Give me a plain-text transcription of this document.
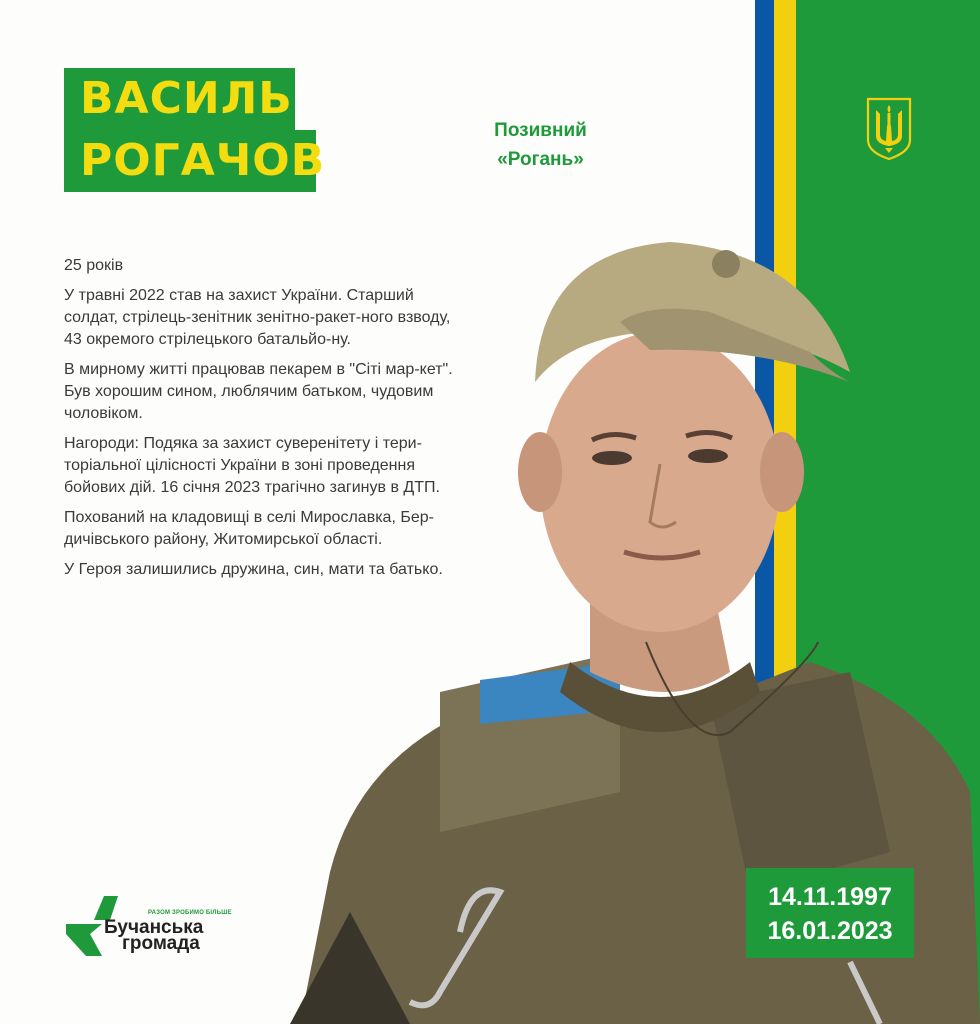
ВАСИЛЬ
РОГАЧОВ
Позивний
«Рогань»

25 років

У травні 2022 став на захист України. Старший солдат, стрілець-зенітник зенітно-ракет-ного взводу, 43 окремого стрілецького батальйо-ну.

В мирному житті працював пекарем в "Сіті мар-кет". Був хорошим сином, люблячим батьком, чудовим чоловіком.

Нагороди: Подяка за захист суверенітету і тери-торіальної цілісності України в зоні проведення бойових дій. 16 січня 2023 трагічно загинув в ДТП.

Похований на кладовищі в селі Мирославка, Бер-дичівського району, Житомирської області.

У Героя залишились дружина, син, мати та батько.

14.11.1997
16.01.2023
РАЗОМ ЗРОБИМО БІЛЬШЕ
Бучанська
громада
